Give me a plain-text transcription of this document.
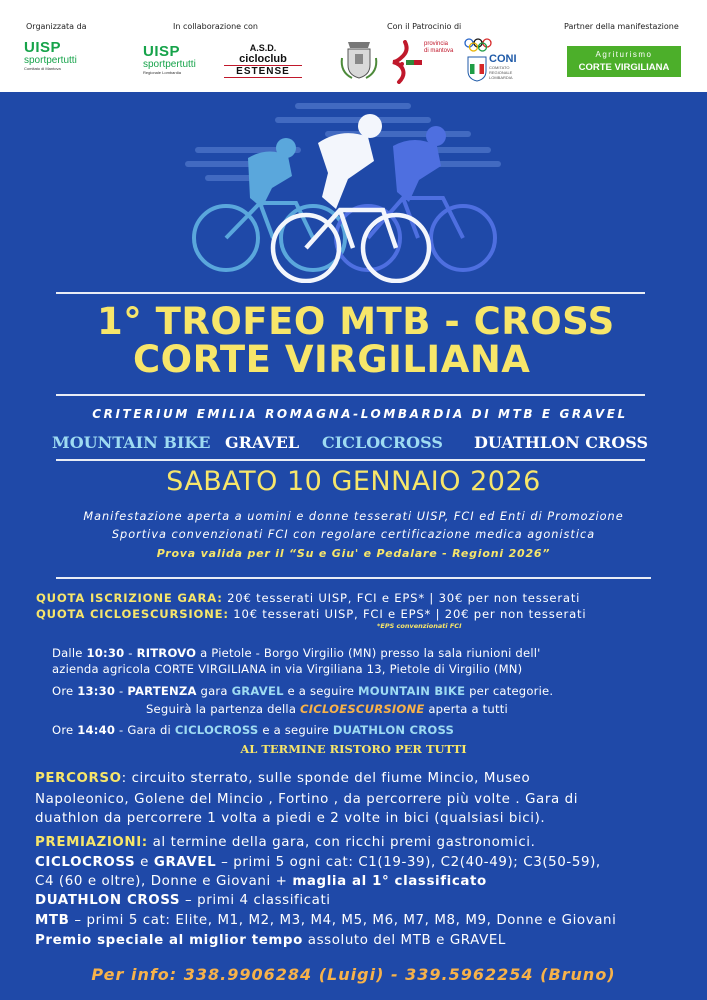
Organizzata da	In collaborazione con	Con il Patrocinio di	Partner della manifestazione
UISP
sportpertutti
Comitato di Mantova
UISP
sportpertutti
Regionale Lombardia
A.S.D.
cicloclub
ESTENSE
provincia
di mantova
CONI
COMITATO
REGIONALE
LOMBARDIA
Agriturismo
CORTE VIRGILIANA
1° TROFEO MTB - CROSS
CORTE VIRGILIANA
CRITERIUM EMILIA ROMAGNA-LOMBARDIA DI MTB E GRAVEL
MOUNTAIN BIKE GRAVEL CICLOCROSS DUATHLON CROSS
SABATO 10 GENNAIO 2026
Manifestazione aperta a uomini e donne tesserati UISP, FCI ed Enti di Promozione
Sportiva convenzionati FCI con regolare certificazione medica agonistica
Prova valida per il “Su e Giu' e Pedalare - Regioni 2026”
QUOTA ISCRIZIONE GARA: 20€ tesserati UISP, FCI e EPS* | 30€ per non tesserati
QUOTA CICLOESCURSIONE: 10€ tesserati UISP, FCI e EPS* | 20€ per non tesserati
*EPS convenzionati FCI
Dalle 10:30 - RITROVO a Pietole - Borgo Virgilio (MN) presso la sala riunioni dell'
azienda agricola CORTE VIRGILIANA in via Virgiliana 13, Pietole di Virgilio (MN)
Ore 13:30 - PARTENZA gara GRAVEL e a seguire MOUNTAIN BIKE per categorie.
Seguirà la partenza della CICLOESCURSIONE aperta a tutti
Ore 14:40 - Gara di CICLOCROSS e a seguire DUATHLON CROSS
AL TERMINE RISTORO PER TUTTI
PERCORSO: circuito sterrato, sulle sponde del fiume Mincio, Museo
Napoleonico, Golene del Mincio , Fortino , da percorrere più volte . Gara di
duathlon da percorrere 1 volta a piedi e 2 volte in bici (qualsiasi bici).
PREMIAZIONI: al termine della gara, con ricchi premi gastronomici.
CICLOCROSS e GRAVEL – primi 5 ogni cat: C1(19-39), C2(40-49); C3(50-59),
C4 (60 e oltre), Donne e Giovani + maglia al 1° classificato
DUATHLON CROSS – primi 4 classificati
MTB – primi 5 cat: Elite, M1, M2, M3, M4, M5, M6, M7, M8, M9, Donne e Giovani
Premio speciale al miglior tempo assoluto del MTB e GRAVEL
Per info: 338.9906284 (Luigi) - 339.5962254 (Bruno)
